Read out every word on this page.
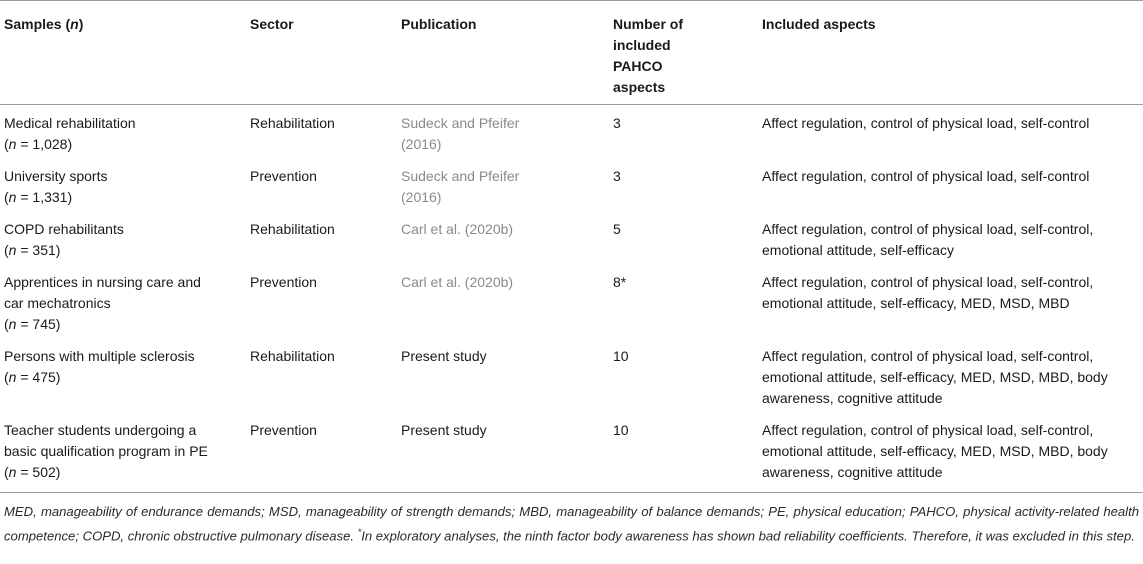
Samples (n)	Sector	Publication	Number of included PAHCO aspects	Included aspects

Medical rehabilitation
(n = 1,028)	Rehabilitation	Sudeck and Pfeifer (2016)	3	Affect regulation, control of physical load, self-control

University sports
(n = 1,331)	Prevention	Sudeck and Pfeifer (2016)	3	Affect regulation, control of physical load, self-control

COPD rehabilitants
(n = 351)	Rehabilitation	Carl et al. (2020b)	5	Affect regulation, control of physical load, self-control, emotional attitude, self-efficacy

Apprentices in nursing care and car mechatronics
(n = 745)	Prevention	Carl et al. (2020b)	8*	Affect regulation, control of physical load, self-control, emotional attitude, self-efficacy, MED, MSD, MBD

Persons with multiple sclerosis
(n = 475)	Rehabilitation	Present study	10	Affect regulation, control of physical load, self-control, emotional attitude, self-efficacy, MED, MSD, MBD, body awareness, cognitive attitude

Teacher students undergoing a basic qualification program in PE
(n = 502)	Prevention	Present study	10	Affect regulation, control of physical load, self-control, emotional attitude, self-efficacy, MED, MSD, MBD, body awareness, cognitive attitude
MED, manageability of endurance demands; MSD, manageability of strength demands; MBD, manageability of balance demands; PE, physical education; PAHCO, physical activity-related health competence; COPD, chronic obstructive pulmonary disease. *In exploratory analyses, the ninth factor body awareness has shown bad reliability coefficients. Therefore, it was excluded in this step.
